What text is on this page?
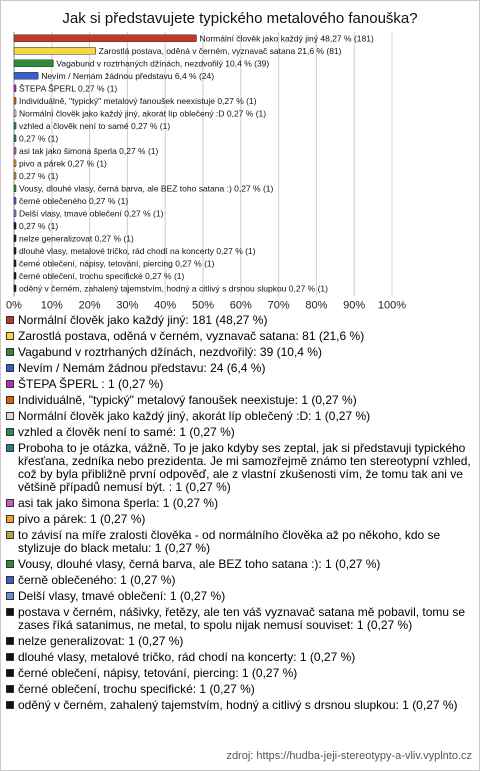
Jak si představujete typického metalového fanouška?
0% 10% 20% 30% 40% 50% 60% 70% 80% 90% 100%
Normální člověk jako každý jiný 48,27 % (181)
Zarostlá postava, oděná v černém, vyznavač satana 21,6 % (81)
Vagabund v roztrhaných džínách, nezdvořilý 10,4 % (39)
Nevím / Nemám žádnou představu 6,4 % (24)
ŠTEPA ŠPERL 0,27 % (1)
Individuálně, "typický" metalový fanoušek neexistuje 0,27 % (1)
Normální člověk jako každý jiný, akorát líp oblečený :D 0,27 % (1)
vzhled a člověk není to samé 0,27 % (1)
0,27 % (1)
asi tak jako šimona šperla 0,27 % (1)
pivo a párek 0,27 % (1)
0,27 % (1)
Vousy, dlouhé vlasy, černá barva, ale BEZ toho satana :) 0,27 % (1)
černé oblečeného 0,27 % (1)
Delší vlasy, tmavé oblečení 0,27 % (1)
0,27 % (1)
nelze generalizovat 0,27 % (1)
dlouhé vlasy, metalové tričko, rád chodí na koncerty 0,27 % (1)
černé oblečení, nápisy, tetování, piercing 0,27 % (1)
černé oblečení, trochu specifické 0,27 % (1)
oděný v černém, zahalený tajemstvím, hodný a citlivý s drsnou slupkou 0,27 % (1)
Normální člověk jako každý jiný: 181 (48,27 %)
Zarostlá postava, oděná v černém, vyznavač satana: 81 (21,6 %)
Vagabund v roztrhaných džínách, nezdvořilý: 39 (10,4 %)
Nevím / Nemám žádnou představu: 24 (6,4 %)
ŠTEPA ŠPERL : 1 (0,27 %)
Individuálně, "typický" metalový fanoušek neexistuje: 1 (0,27 %)
Normální člověk jako každý jiný, akorát líp oblečený :D: 1 (0,27 %)
vzhled a člověk není to samé: 1 (0,27 %)
Proboha to je otázka, vážně. To je jako kdyby ses zeptal, jak si představuji typického křesťana, zedníka nebo prezidenta. Je mi samozřejmě známo ten stereotypní vzhled, což by byla přibližně první odpověď, ale z vlastní zkušenosti vím, že tomu tak ani ve většině případů nemusí být. : 1 (0,27 %)
asi tak jako šimona šperla: 1 (0,27 %)
pivo a párek: 1 (0,27 %)
to závisí na míře zralosti člověka - od normálního člověka až po někoho, kdo se stylizuje do black metalu: 1 (0,27 %)
Vousy, dlouhé vlasy, černá barva, ale BEZ toho satana :): 1 (0,27 %)
černě oblečeného: 1 (0,27 %)
Delší vlasy, tmavé oblečení: 1 (0,27 %)
postava v černém, nášivky, řetězy, ale ten váš vyznavač satana mě pobavil, tomu se zases říká satanimus, ne metal, to spolu nijak nemusí souviset: 1 (0,27 %)
nelze generalizovat: 1 (0,27 %)
dlouhé vlasy, metalové tričko, rád chodí na koncerty: 1 (0,27 %)
černé oblečení, nápisy, tetování, piercing: 1 (0,27 %)
černé oblečení, trochu specifické: 1 (0,27 %)
oděný v černém, zahalený tajemstvím, hodný a citlivý s drsnou slupkou: 1 (0,27 %)
zdroj: https://hudba-jeji-stereotypy-a-vliv.vyplnto.cz
